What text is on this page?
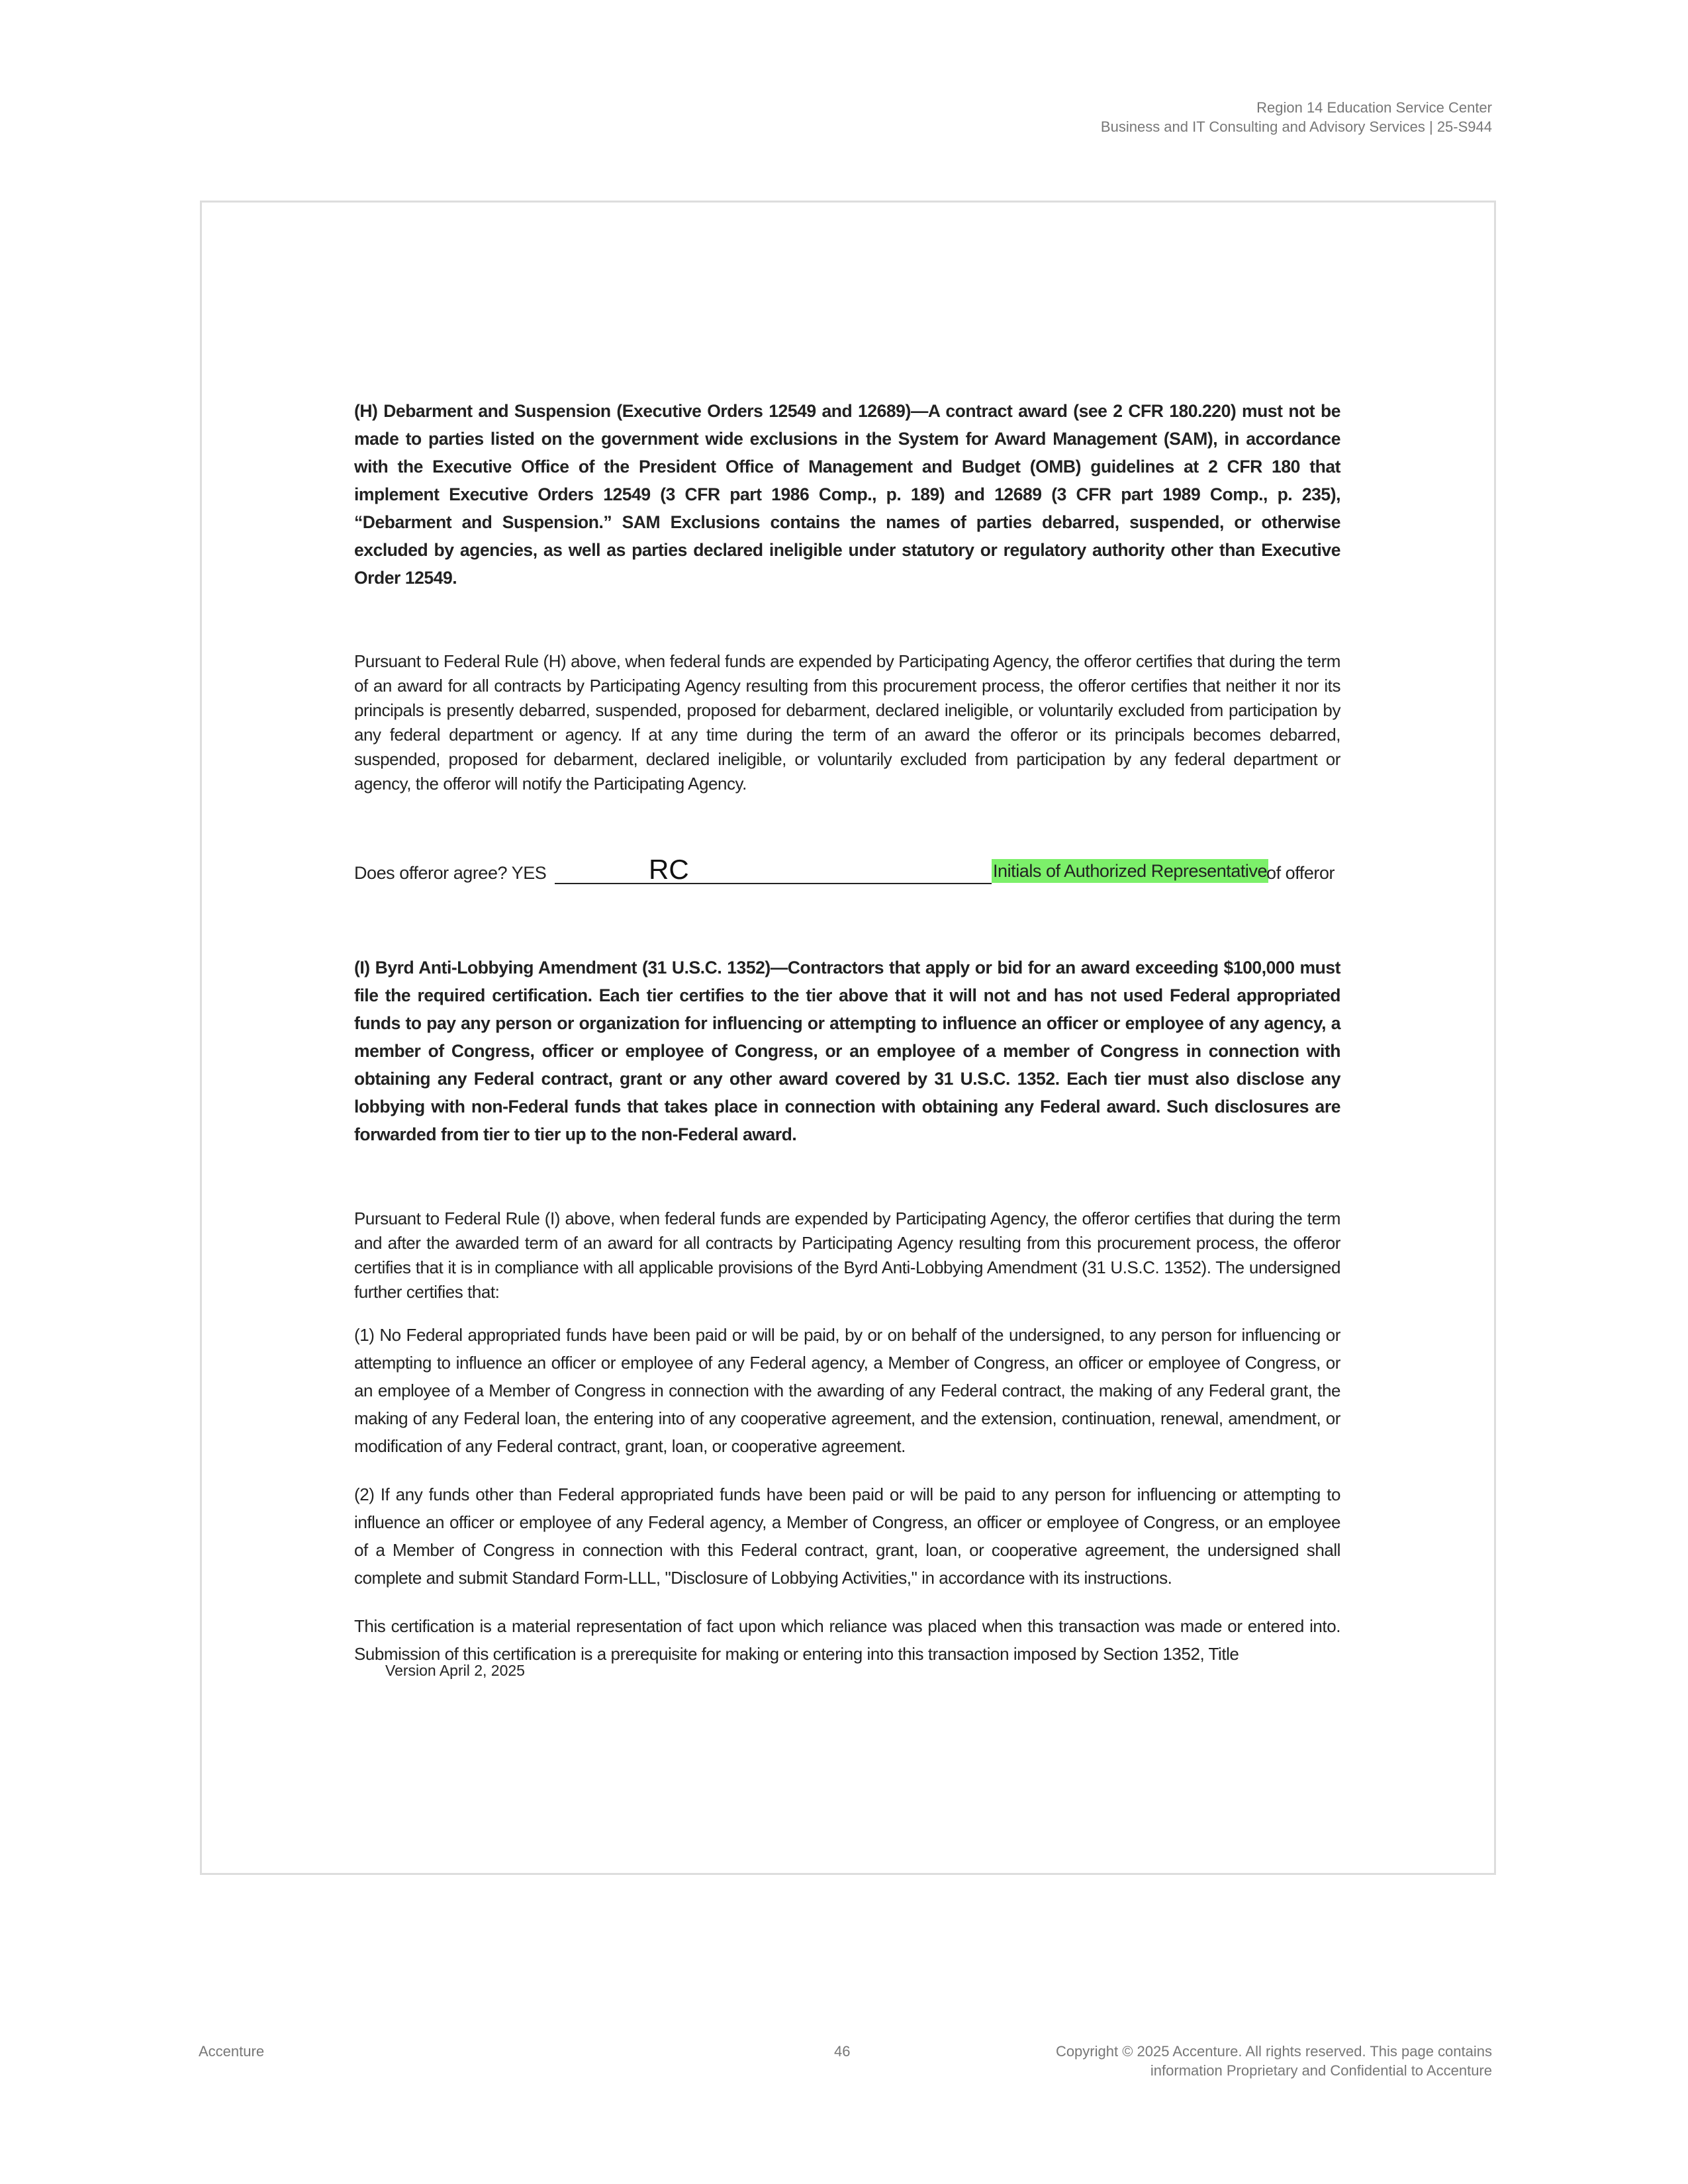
Region 14 Education Service Center
Business and IT Consulting and Advisory Services | 25-S944

(H) Debarment and Suspension (Executive Orders 12549 and 12689)—A contract award (see 2 CFR 180.220) must not be made to parties listed on the government wide exclusions in the System for Award Management (SAM), in accordance with the Executive Office of the President Office of Management and Budget (OMB) guidelines at 2 CFR 180 that implement Executive Orders 12549 (3 CFR part 1986 Comp., p. 189) and 12689 (3 CFR part 1989 Comp., p. 235), “Debarment and Suspension.” SAM Exclusions contains the names of parties debarred, suspended, or otherwise excluded by agencies, as well as parties declared ineligible under statutory or regulatory authority other than Executive Order 12549.

Pursuant to Federal Rule (H) above, when federal funds are expended by Participating Agency, the offeror certifies that during the term of an award for all contracts by Participating Agency resulting from this procurement process, the offeror certifies that neither it nor its principals is presently debarred, suspended, proposed for debarment, declared ineligible, or voluntarily excluded from participation by any federal department or agency. If at any time during the term of an award the offeror or its principals becomes debarred, suspended, proposed for debarment, declared ineligible, or voluntarily excluded from participation by any federal department or agency, the offeror will notify the Participating Agency.

Does offeror agree? YES	RC	Initials of Authorized Representative
of offeror

(I) Byrd Anti-Lobbying Amendment (31 U.S.C. 1352)—Contractors that apply or bid for an award exceeding $100,000 must file the required certification. Each tier certifies to the tier above that it will not and has not used Federal appropriated funds to pay any person or organization for influencing or attempting to influence an officer or employee of any agency, a member of Congress, officer or employee of Congress, or an employee of a member of Congress in connection with obtaining any Federal contract, grant or any other award covered by 31 U.S.C. 1352. Each tier must also disclose any lobbying with non-Federal funds that takes place in connection with obtaining any Federal award. Such disclosures are forwarded from tier to tier up to the non-Federal award.

Pursuant to Federal Rule (I) above, when federal funds are expended by Participating Agency, the offeror certifies that during the term and after the awarded term of an award for all contracts by Participating Agency resulting from this procurement process, the offeror certifies that it is in compliance with all applicable provisions of the Byrd Anti-Lobbying Amendment (31 U.S.C. 1352). The undersigned further certifies that:

(1) No Federal appropriated funds have been paid or will be paid, by or on behalf of the undersigned, to any person for influencing or attempting to influence an officer or employee of any Federal agency, a Member of Congress, an officer or employee of Congress, or an employee of a Member of Congress in connection with the awarding of any Federal contract, the making of any Federal grant, the making of any Federal loan, the entering into of any cooperative agreement, and the extension, continuation, renewal, amendment, or modification of any Federal contract, grant, loan, or cooperative agreement.

(2) If any funds other than Federal appropriated funds have been paid or will be paid to any person for influencing or attempting to influence an officer or employee of any Federal agency, a Member of Congress, an officer or employee of Congress, or an employee of a Member of Congress in connection with this Federal contract, grant, loan, or cooperative agreement, the undersigned shall complete and submit Standard Form-LLL, "Disclosure of Lobbying Activities," in accordance with its instructions.

This certification is a material representation of fact upon which reliance was placed when this transaction was made or entered into. Submission of this certification is a prerequisite for making or entering into this transaction imposed by Section 1352, Title

Version April 2, 2025
Accenture	46	Copyright © 2025 Accenture. All rights reserved. This page contains
information Proprietary and Confidential to Accenture
